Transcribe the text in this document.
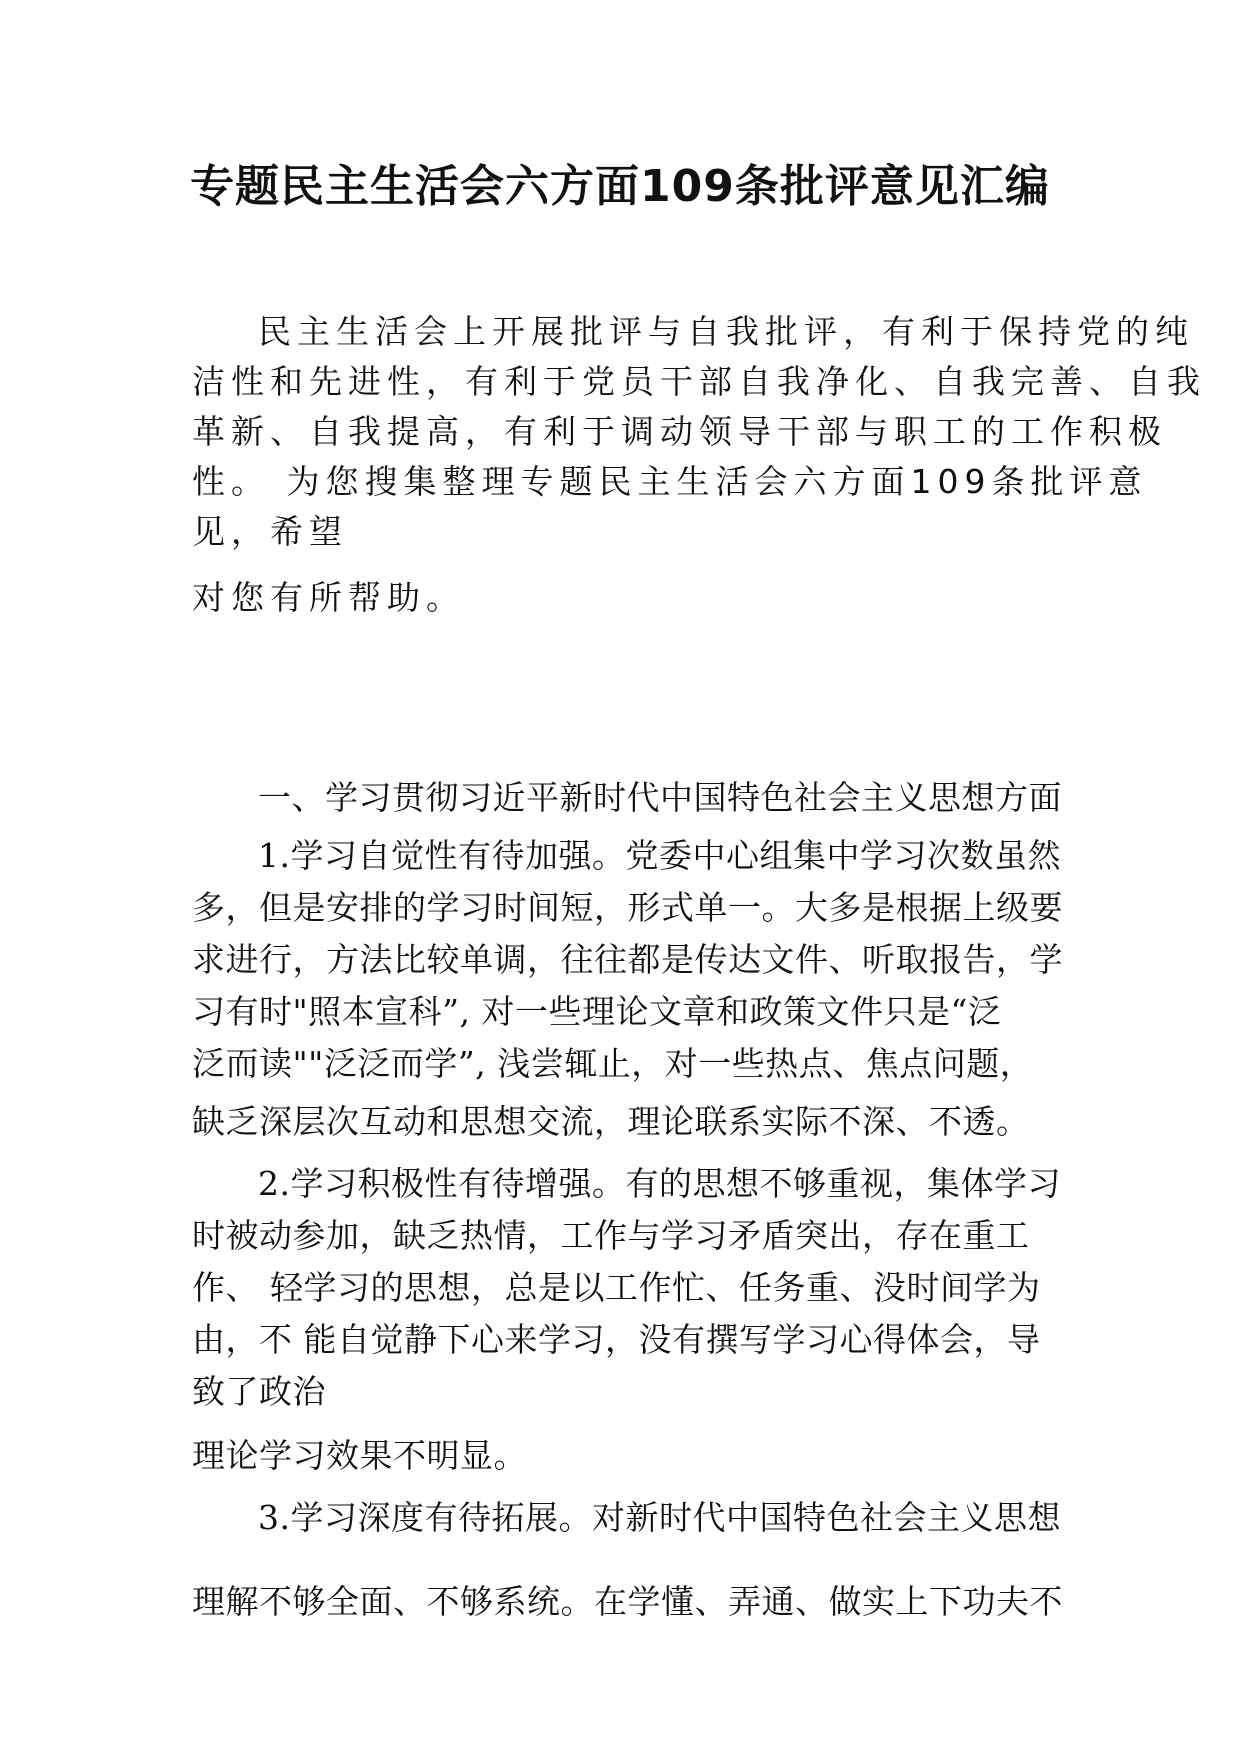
专题民主生活会六方面109条批评意见汇编

民主生活会上开展批评与自我批评，有利于保持党的纯

洁性和先进性，有利于党员干部自我净化、自我完善、自我

革新、自我提高，有利于调动领导干部与职工的工作积极

性。 为您搜集整理专题民主生活会六方面109条批评意

见，希望

对您有所帮助。

一、学习贯彻习近平新时代中国特色社会主义思想方面

1.学习自觉性有待加强。党委中心组集中学习次数虽然

多，但是安排的学习时间短，形式单一。大多是根据上级要

求进行，方法比较单调，往往都是传达文件、听取报告，学

习有时"照本宣科”, 对一些理论文章和政策文件只是“泛

泛而读""泛泛而学”, 浅尝辄止，对一些热点、焦点问题，

缺乏深层次互动和思想交流，理论联系实际不深、不透。

2.学习积极性有待增强。有的思想不够重视，集体学习

时被动参加，缺乏热情，工作与学习矛盾突出，存在重工

作、 轻学习的思想，总是以工作忙、任务重、没时间学为

由，不 能自觉静下心来学习，没有撰写学习心得体会，导

致了政治

理论学习效果不明显。

3.学习深度有待拓展。对新时代中国特色社会主义思想

理解不够全面、不够系统。在学懂、弄通、做实上下功夫不
